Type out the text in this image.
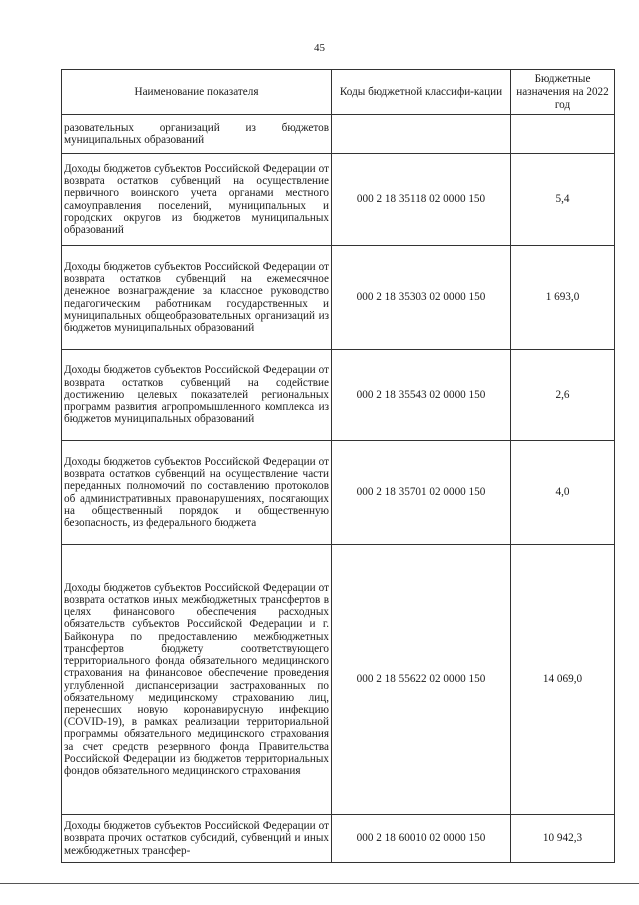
45
Наименование показателя	Коды бюджетной классифи-кации	Бюджетные назначения на 2022 год
разовательных организаций из бюджетов муниципальных образований		
Доходы бюджетов субъектов Российской Федерации от возврата остатков субвенций на осуществление первичного воинского учета органами местного самоуправления поселений, муниципальных и городских округов из бюджетов муниципальных образований	000 2 18 35118 02 0000 150	5,4
Доходы бюджетов субъектов Российской Федерации от возврата остатков субвенций на ежемесячное денежное вознаграждение за классное руководство педагогическим работникам государственных и муниципальных общеобразовательных организаций из бюджетов муниципальных образований	000 2 18 35303 02 0000 150	1 693,0
Доходы бюджетов субъектов Российской Федерации от возврата остатков субвенций на содействие достижению целевых показателей региональных программ развития агропромышленного комплекса из бюджетов муниципальных образований	000 2 18 35543 02 0000 150	2,6
Доходы бюджетов субъектов Российской Федерации от возврата остатков субвенций на осуществление части переданных полномочий по составлению протоколов об административных правонарушениях, посягающих на общественный порядок и общественную безопасность, из федерального бюджета	000 2 18 35701 02 0000 150	4,0
Доходы бюджетов субъектов Российской Федерации от возврата остатков иных межбюджетных трансфертов в целях финансового обеспечения расходных обязательств субъектов Российской Федерации и г. Байконура по предоставлению межбюджетных трансфертов бюджету соответствующего территориального фонда обязательного медицинского страхования на финансовое обеспечение проведения углубленной диспансеризации застрахованных по обязательному медицинскому страхованию лиц, перенесших новую коронавирусную инфекцию (COVID-19), в рамках реализации территориальной программы обязательного медицинского страхования за счет средств резервного фонда Правительства Российской Федерации из бюджетов территориальных фондов обязательного медицинского страхования	000 2 18 55622 02 0000 150	14 069,0
Доходы бюджетов субъектов Российской Федерации от возврата прочих остатков субсидий, субвенций и иных межбюджетных трансфер-	000 2 18 60010 02 0000 150	10 942,3
